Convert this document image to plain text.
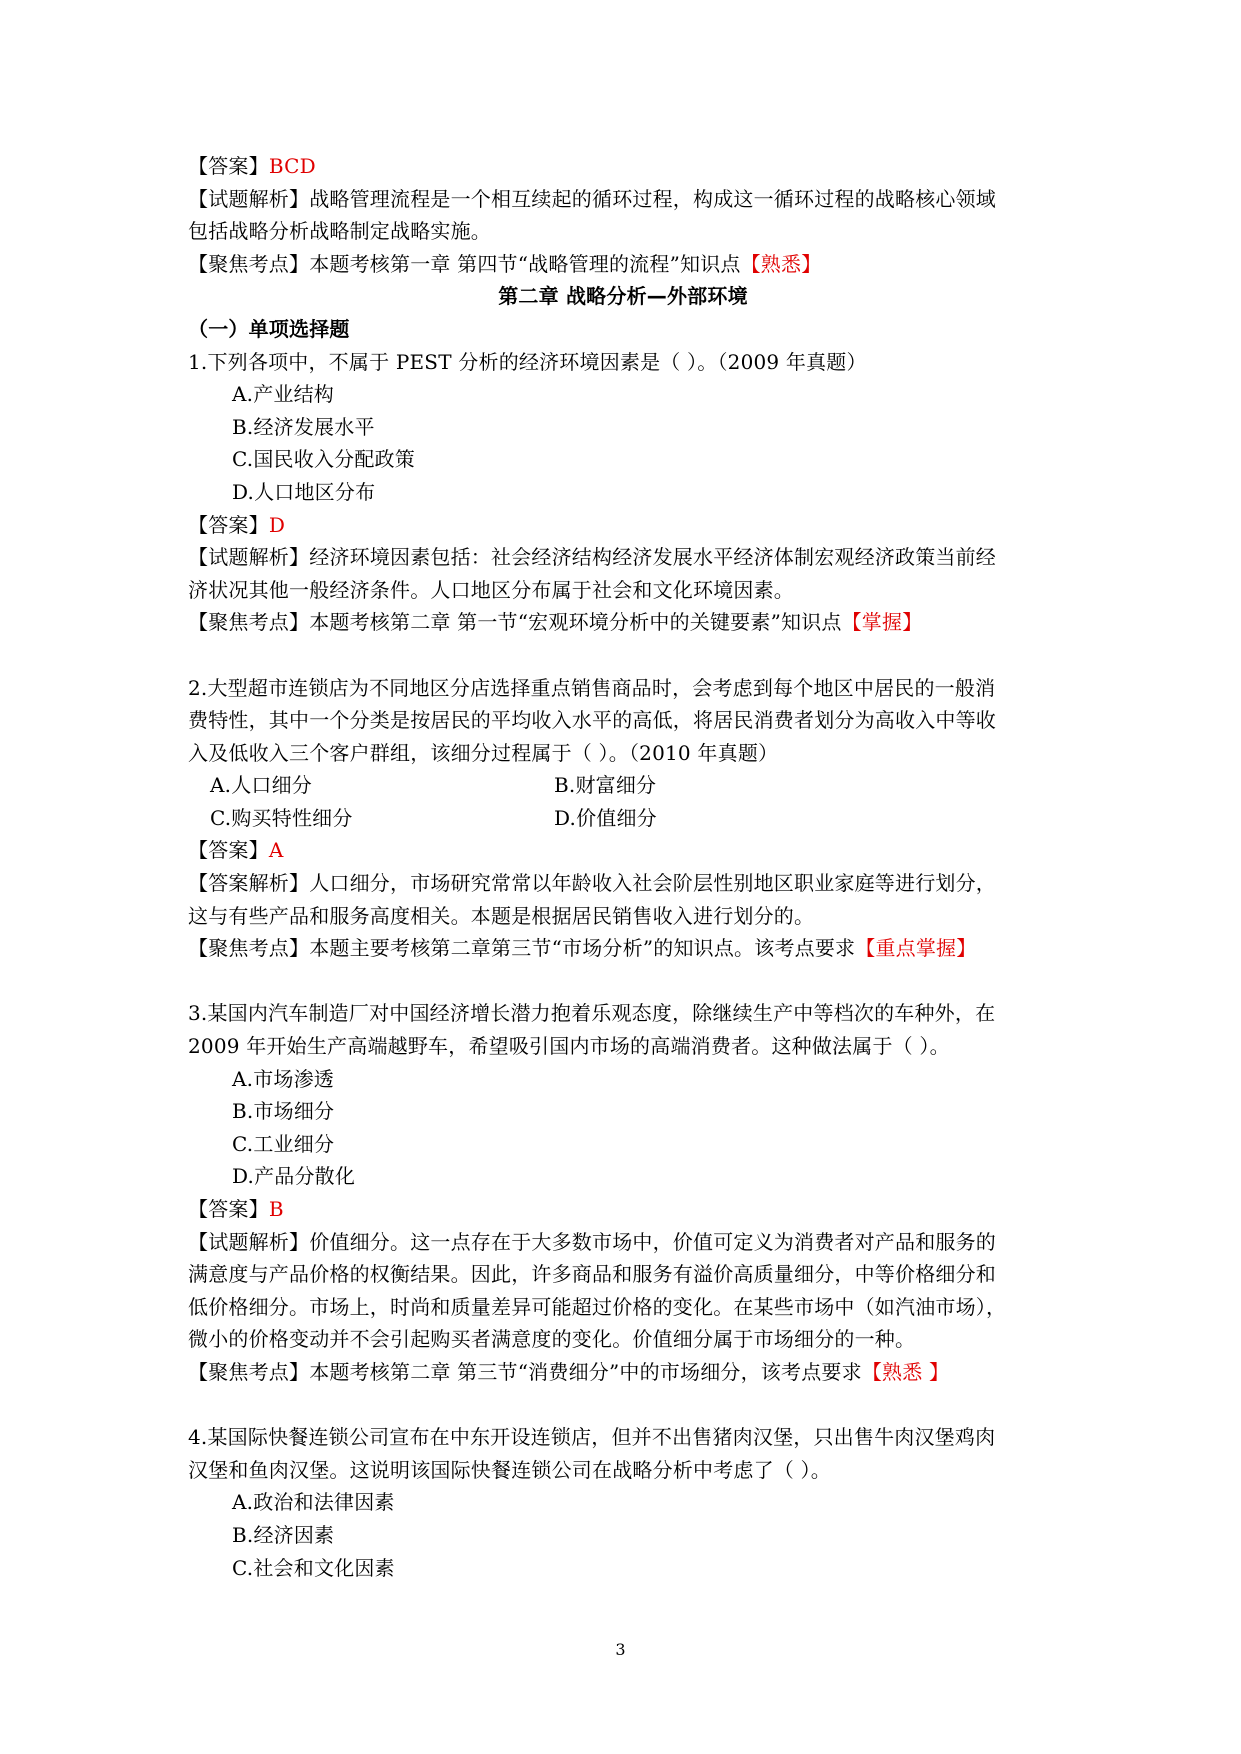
【答案】BCD
【试题解析】战略管理流程是一个相互续起的循环过程，构成这一循环过程的战略核心领域
包括战略分析战略制定战略实施。
【聚焦考点】本题考核第一章 第四节“战略管理的流程”知识点【熟悉】
第二章 战略分析—外部环境
（一）单项选择题
1.下列各项中，不属于 PEST 分析的经济环境因素是（ ）。（2009 年真题）
A.产业结构
B.经济发展水平
C.国民收入分配政策
D.人口地区分布
【答案】D
【试题解析】经济环境因素包括：社会经济结构经济发展水平经济体制宏观经济政策当前经
济状况其他一般经济条件。人口地区分布属于社会和文化环境因素。
【聚焦考点】本题考核第二章 第一节“宏观环境分析中的关键要素”知识点【掌握】
2.大型超市连锁店为不同地区分店选择重点销售商品时，会考虑到每个地区中居民的一般消
费特性，其中一个分类是按居民的平均收入水平的高低，将居民消费者划分为高收入中等收
入及低收入三个客户群组，该细分过程属于（ ）。（2010 年真题）
A.人口细分	B.财富细分
C.购买特性细分	D.价值细分
【答案】A
【答案解析】人口细分，市场研究常常以年龄收入社会阶层性别地区职业家庭等进行划分，
这与有些产品和服务高度相关。本题是根据居民销售收入进行划分的。
【聚焦考点】本题主要考核第二章第三节“市场分析”的知识点。该考点要求【重点掌握】
3.某国内汽车制造厂对中国经济增长潜力抱着乐观态度，除继续生产中等档次的车种外，在
2009 年开始生产高端越野车，希望吸引国内市场的高端消费者。这种做法属于（ ）。
A.市场渗透
B.市场细分
C.工业细分
D.产品分散化
【答案】B
【试题解析】价值细分。这一点存在于大多数市场中，价值可定义为消费者对产品和服务的
满意度与产品价格的权衡结果。因此，许多商品和服务有溢价高质量细分，中等价格细分和
低价格细分。市场上，时尚和质量差异可能超过价格的变化。在某些市场中（如汽油市场），
微小的价格变动并不会引起购买者满意度的变化。价值细分属于市场细分的一种。
【聚焦考点】本题考核第二章 第三节“消费细分”中的市场细分，该考点要求【熟悉 】
4.某国际快餐连锁公司宣布在中东开设连锁店，但并不出售猪肉汉堡，只出售牛肉汉堡鸡肉
汉堡和鱼肉汉堡。这说明该国际快餐连锁公司在战略分析中考虑了（ ）。
A.政治和法律因素
B.经济因素
C.社会和文化因素
3
